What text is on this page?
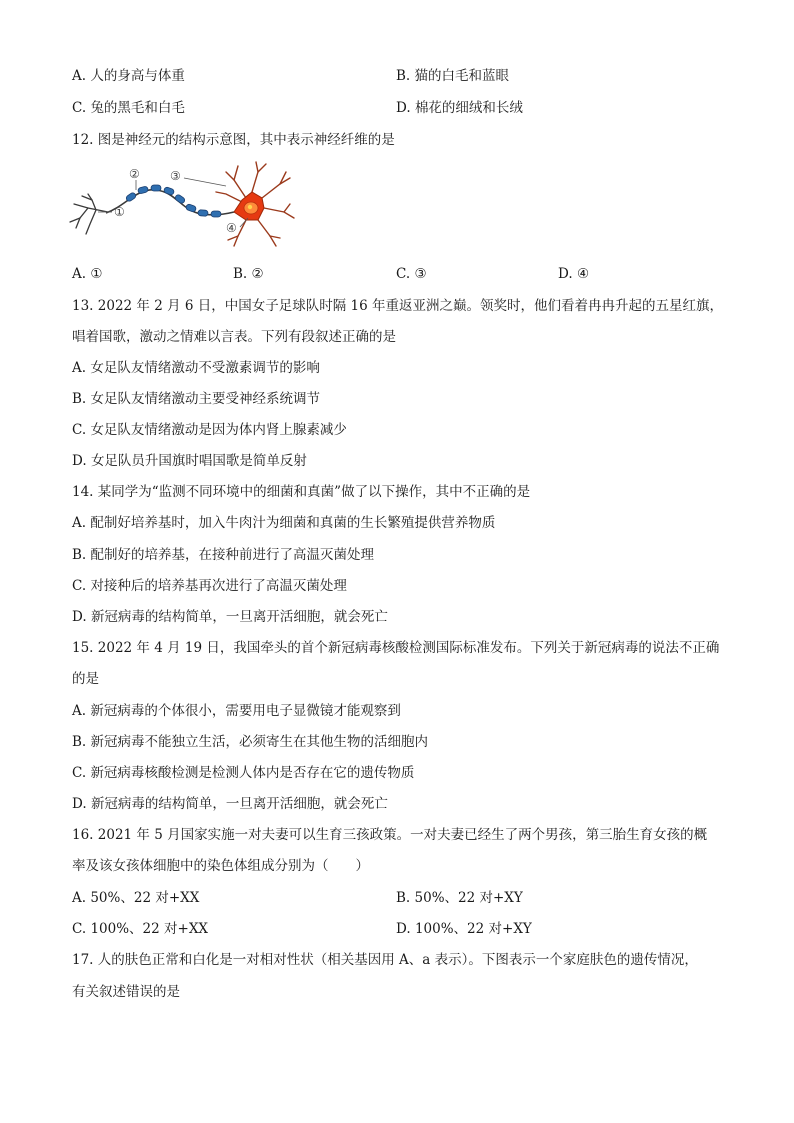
A. 人的身高与体重	B. 猫的白毛和蓝眼
C. 兔的黑毛和白毛	D. 棉花的细绒和长绒
12. 图是神经元的结构示意图，其中表示神经纤维的是
①
②	③
④
A. ①	B. ②	C. ③	D. ④
13. 2022 年 2 月 6 日，中国女子足球队时隔 16 年重返亚洲之巅。领奖时，他们看着冉冉升起的五星红旗，
唱着国歌，激动之情难以言表。下列有段叙述正确的是
A. 女足队友情绪激动不受激素调节的影响
B. 女足队友情绪激动主要受神经系统调节
C. 女足队友情绪激动是因为体内肾上腺素减少
D. 女足队员升国旗时唱国歌是简单反射
14. 某同学为“监测不同环境中的细菌和真菌”做了以下操作，其中不正确的是
A. 配制好培养基时，加入牛肉汁为细菌和真菌的生长繁殖提供营养物质
B. 配制好的培养基，在接种前进行了高温灭菌处理
C. 对接种后的培养基再次进行了高温灭菌处理
D. 新冠病毒的结构简单，一旦离开活细胞，就会死亡
15. 2022 年 4 月 19 日，我国牵头的首个新冠病毒核酸检测国际标准发布。下列关于新冠病毒的说法不正确
的是
A. 新冠病毒的个体很小，需要用电子显微镜才能观察到
B. 新冠病毒不能独立生活，必须寄生在其他生物的活细胞内
C. 新冠病毒核酸检测是检测人体内是否存在它的遗传物质
D. 新冠病毒的结构简单，一旦离开活细胞，就会死亡
16. 2021 年 5 月国家实施一对夫妻可以生育三孩政策。一对夫妻已经生了两个男孩，第三胎生育女孩的概
率及该女孩体细胞中的染色体组成分别为（　　）
A. 50%、22 对+XX	B. 50%、22 对+XY
C. 100%、22 对+XX	D. 100%、22 对+XY
17. 人的肤色正常和白化是一对相对性状（相关基因用 A、a 表示）。下图表示一个家庭肤色的遗传情况，
有关叙述错误的是
